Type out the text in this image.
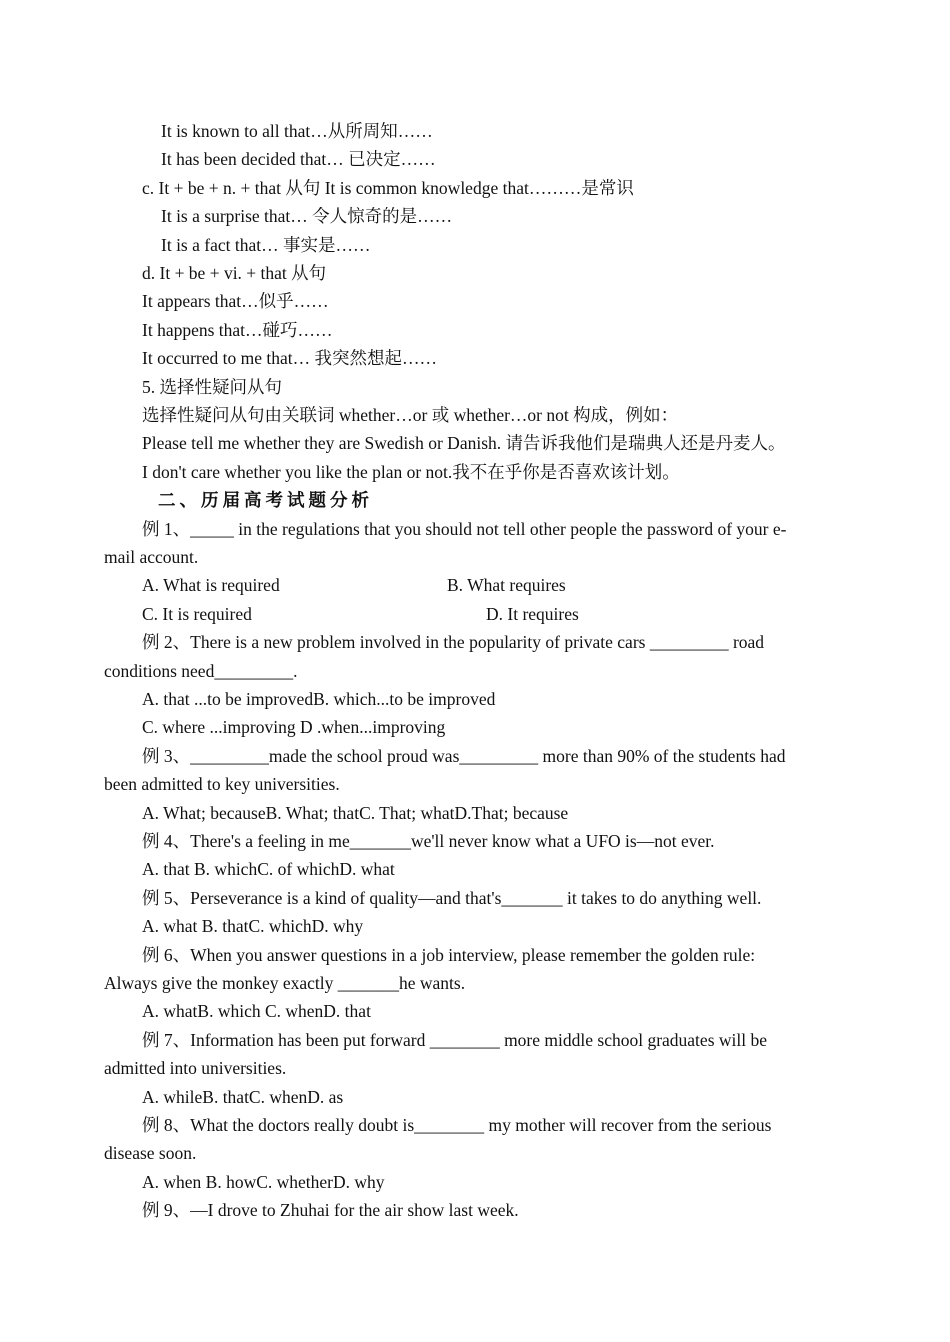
It is known to all that…从所周知……
It has been decided that… 已决定……
c. It + be + n. + that 从句 It is common knowledge that………是常识
It is a surprise that… 令人惊奇的是……
It is a fact that… 事实是……
d. It + be + vi. + that 从句
It appears that…似乎……
It happens that…碰巧……
It occurred to me that… 我突然想起……
5. 选择性疑问从句
选择性疑问从句由关联词 whether…or 或 whether…or not 构成，例如：
Please tell me whether they are Swedish or Danish. 请告诉我他们是瑞典人还是丹麦人。
I don't care whether you like the plan or not.我不在乎你是否喜欢该计划。
二、历届高考试题分析
例 1、_____ in the regulations that you should not tell other people the password of your e-
mail account.
A. What is required	B. What requires
C. It is required	D. It requires
例 2、There is a new problem involved in the popularity of private cars _________ road
conditions need_________.
A. that ...to be improvedB. which...to be improved
C. where ...improving D .when...improving
例 3、_________made the school proud was_________ more than 90% of the students had
been admitted to key universities.
A. What; becauseB. What; thatC. That; whatD.That; because
例 4、There's a feeling in me_______we'll never know what a UFO is—not ever.
A. that B. whichC. of whichD. what
例 5、Perseverance is a kind of quality—and that's_______ it takes to do anything well.
A. what B. thatC. whichD. why
例 6、When you answer questions in a job interview, please remember the golden rule:
Always give the monkey exactly _______he wants.
A. whatB. which C. whenD. that
例 7、Information has been put forward ________ more middle school graduates will be
admitted into universities.
A. whileB. thatC. whenD. as
例 8、What the doctors really doubt is________ my mother will recover from the serious
disease soon.
A. when B. howC. whetherD. why
例 9、—I drove to Zhuhai for the air show last week.
